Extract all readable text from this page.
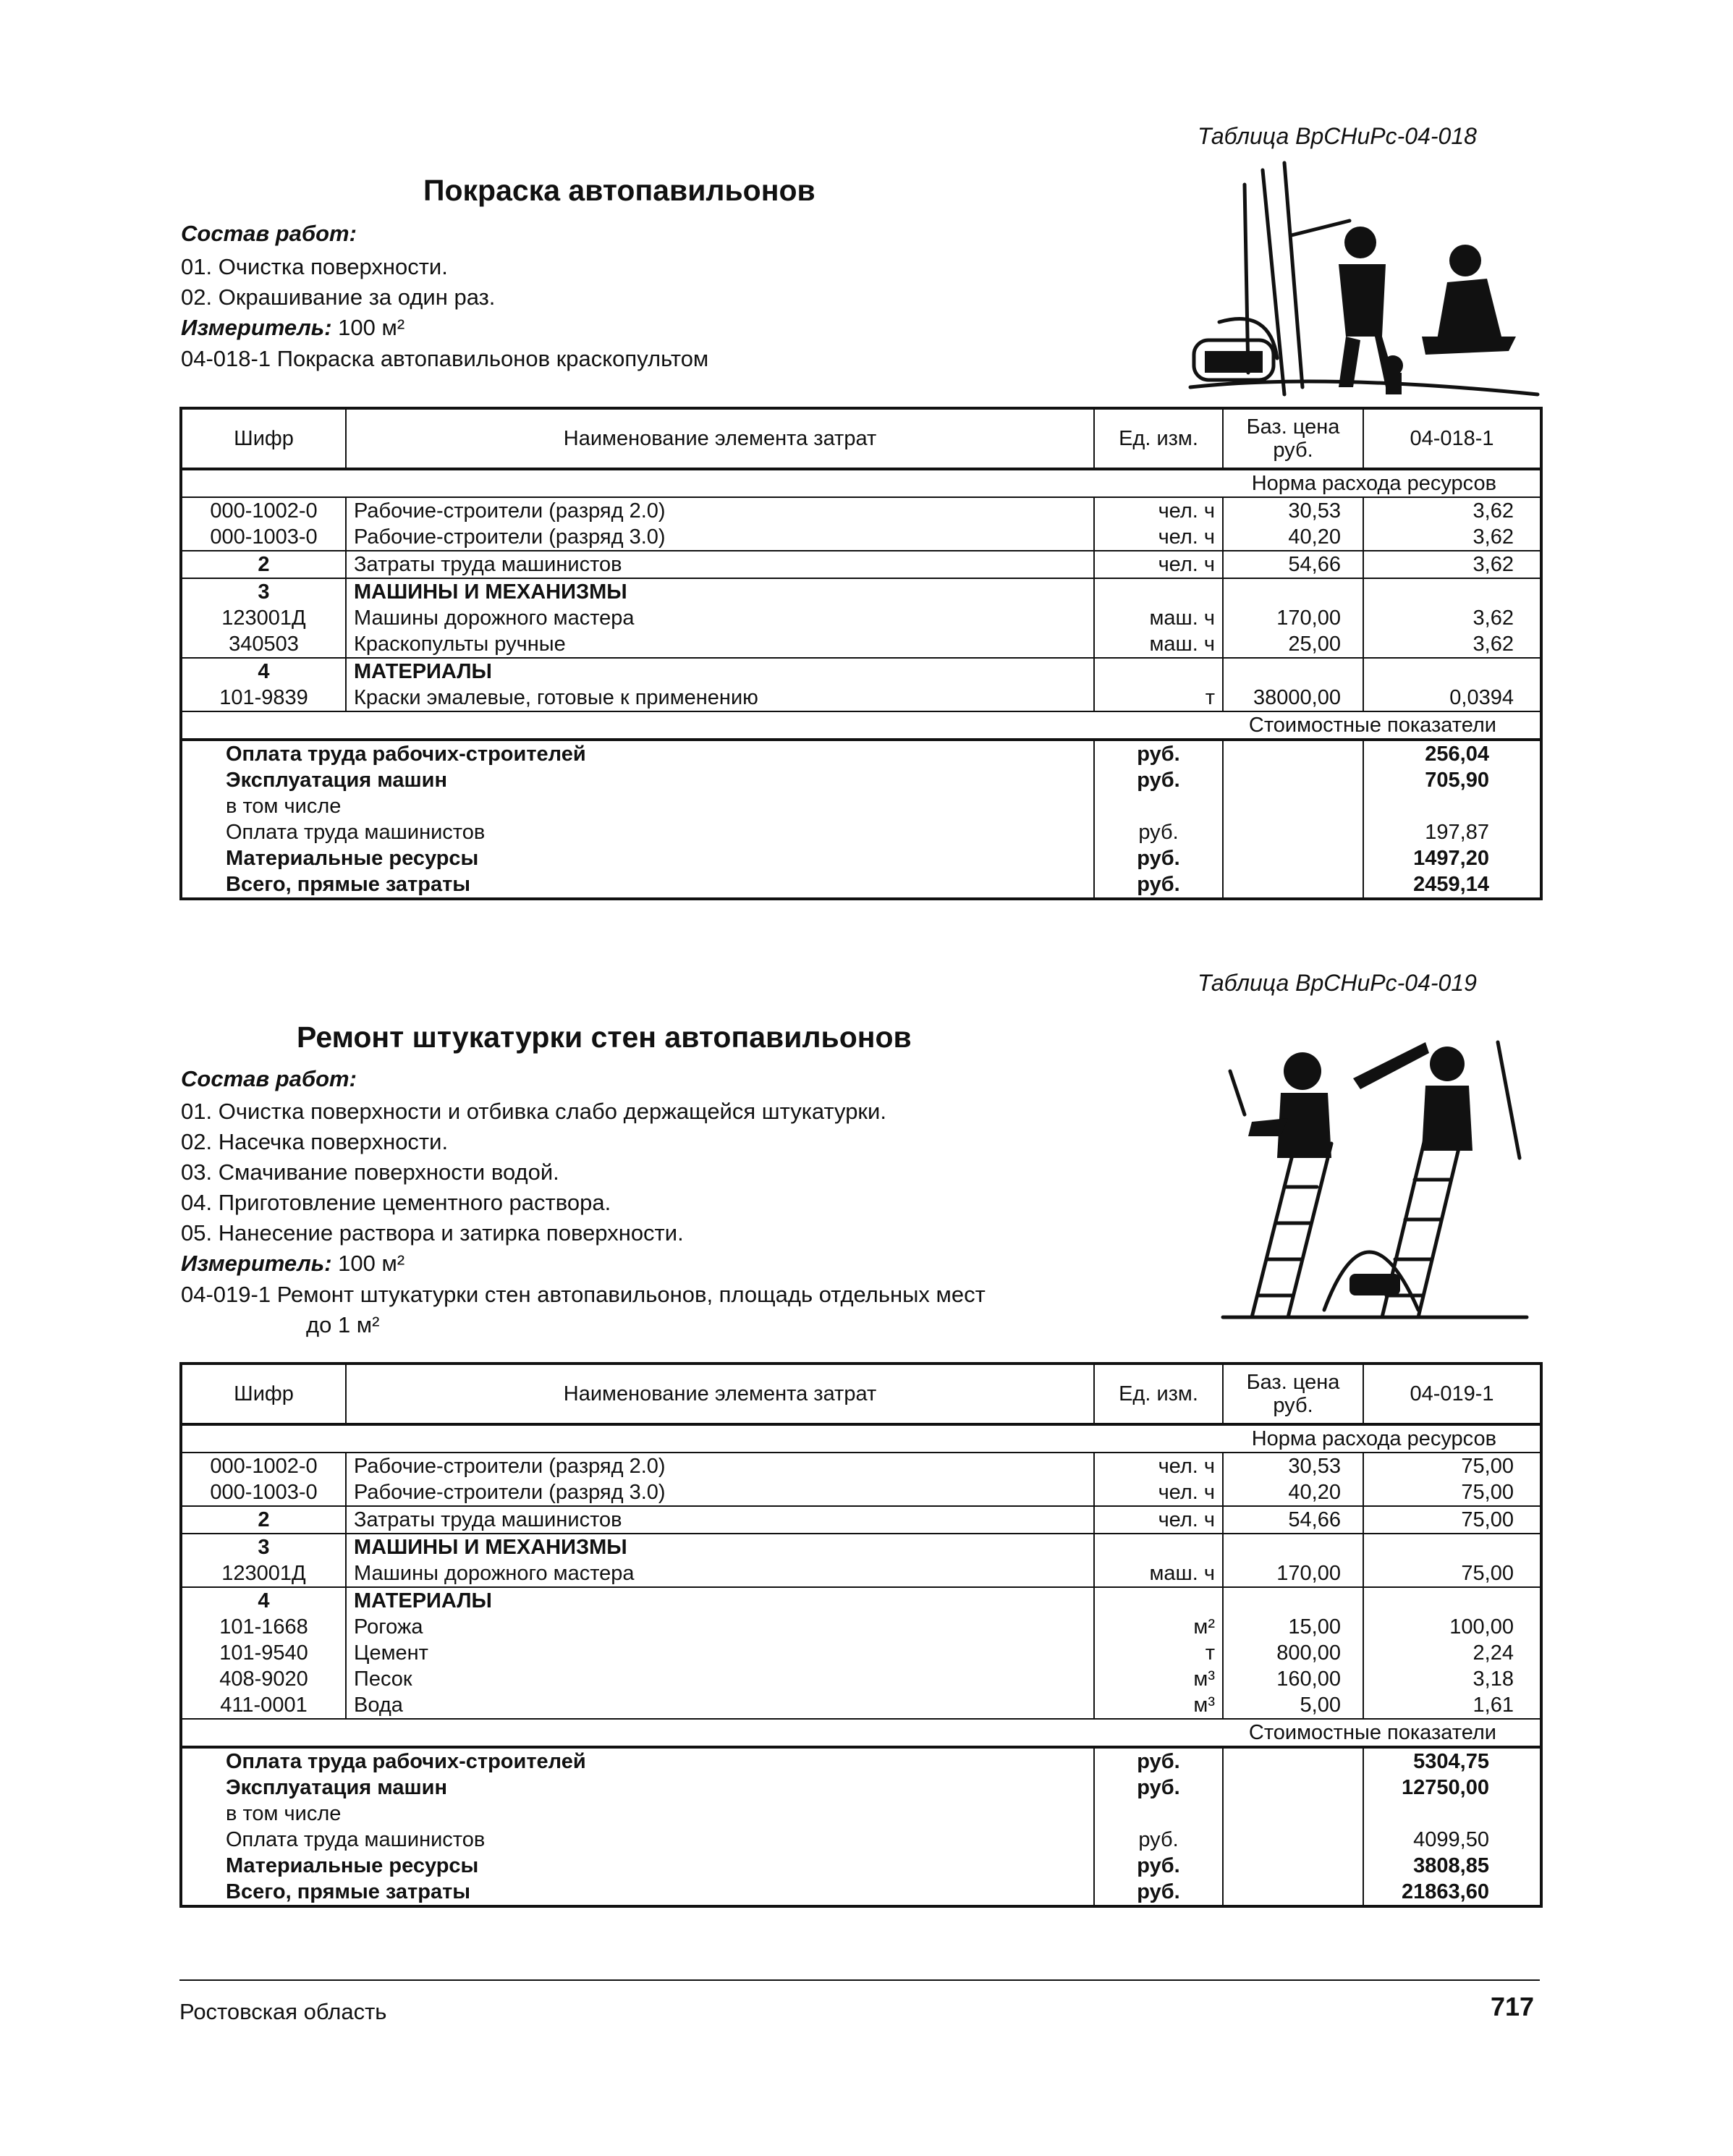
Таблица ВрСНиРс-04-018
Покраска автопавильонов
Состав работ:
01. Очистка поверхности.
02. Окрашивание за один раз.
Измеритель: 100 м²
04-018-1 Покраска автопавильонов краскопультом
Шифр	Наименование элемента затрат	Ед. изм.	Баз. цена руб.	04-018-1
Норма расхода ресурсов				
000-1002-0	Рабочие-строители (разряд 2.0)	чел. ч	30,53	3,62
000-1003-0	Рабочие-строители (разряд 3.0)	чел. ч	40,20	3,62
2	Затраты труда машинистов	чел. ч	54,66	3,62
3	МАШИНЫ И МЕХАНИЗМЫ			
123001Д	Машины дорожного мастера	маш. ч	170,00	3,62
340503	Краскопульты ручные	маш. ч	25,00	3,62
4	МАТЕРИАЛЫ			
101-9839	Краски эмалевые, готовые к применению	т	38000,00	0,0394
Стоимостные показатели				
Оплата труда рабочих-строителей		руб.		256,04
Эксплуатация машин		руб.		705,90
в том числе				
Оплата труда машинистов		руб.		197,87
Материальные ресурсы		руб.		1497,20
Всего, прямые затраты		руб.		2459,14
Таблица ВрСНиРс-04-019
Ремонт штукатурки стен автопавильонов
Состав работ:
01. Очистка поверхности и отбивка слабо держащейся штукатурки.
02. Насечка поверхности.
03. Смачивание поверхности водой.
04. Приготовление цементного раствора.
05. Нанесение раствора и затирка поверхности.
Измеритель: 100 м²
04-019-1 Ремонт штукатурки стен автопавильонов, площадь отдельных мест
до 1 м²
Шифр	Наименование элемента затрат	Ед. изм.	Баз. цена руб.	04-019-1
Норма расхода ресурсов				
000-1002-0	Рабочие-строители (разряд 2.0)	чел. ч	30,53	75,00
000-1003-0	Рабочие-строители (разряд 3.0)	чел. ч	40,20	75,00
2	Затраты труда машинистов	чел. ч	54,66	75,00
3	МАШИНЫ И МЕХАНИЗМЫ			
123001Д	Машины дорожного мастера	маш. ч	170,00	75,00
4	МАТЕРИАЛЫ			
101-1668	Рогожа	м²	15,00	100,00
101-9540	Цемент	т	800,00	2,24
408-9020	Песок	м³	160,00	3,18
411-0001	Вода	м³	5,00	1,61
Стоимостные показатели				
Оплата труда рабочих-строителей		руб.		5304,75
Эксплуатация машин		руб.		12750,00
в том числе				
Оплата труда машинистов		руб.		4099,50
Материальные ресурсы		руб.		3808,85
Всего, прямые затраты		руб.		21863,60
Ростовская область	717
